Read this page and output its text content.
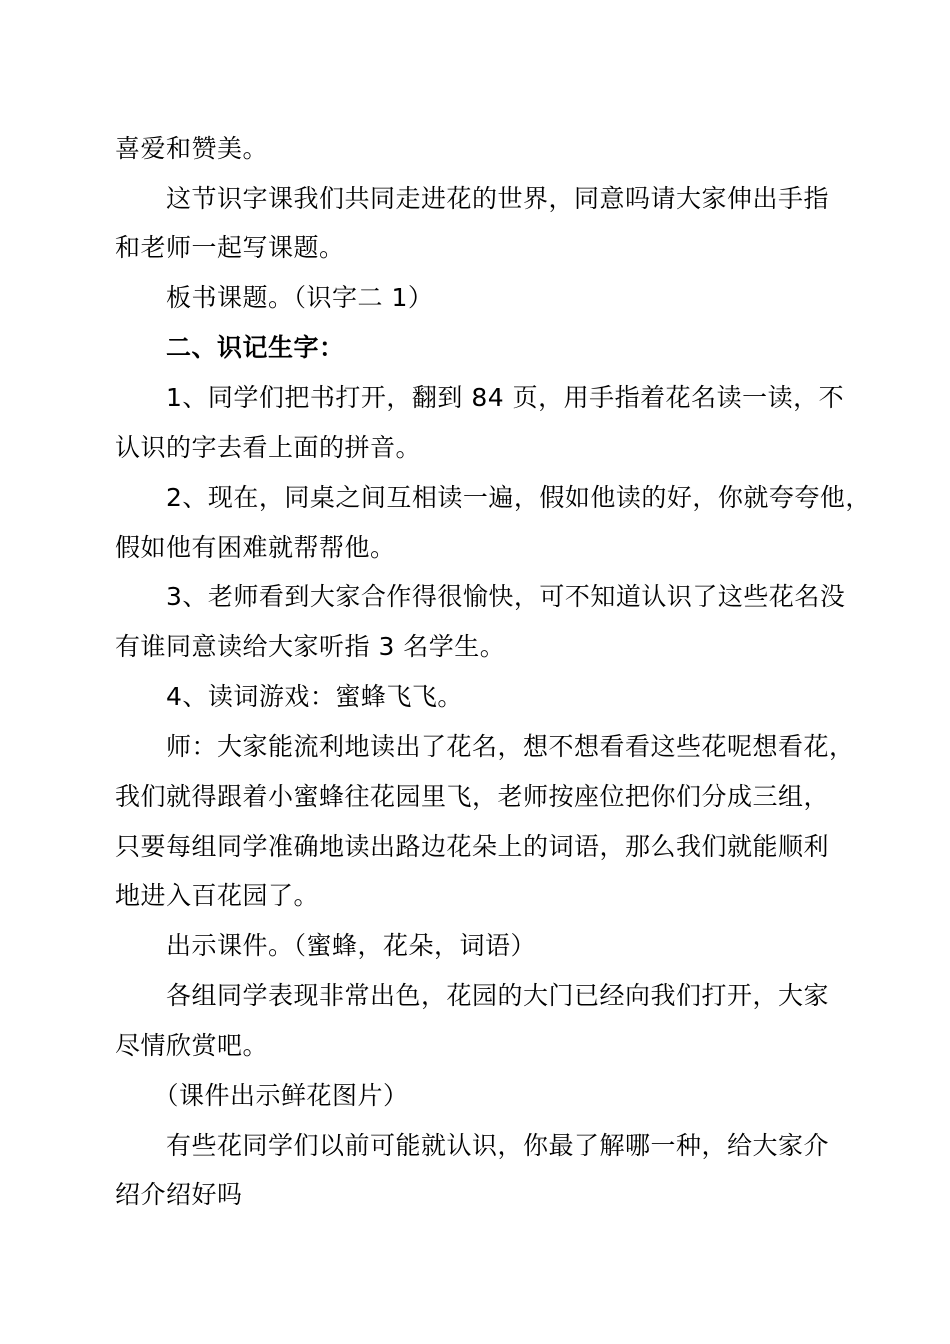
喜爱和赞美。
　　这节识字课我们共同走进花的世界，同意吗请大家伸出手指
和老师一起写课题。
　　板书课题。（识字二 1）
　　二、识记生字：
　　1、同学们把书打开，翻到 84 页，用手指着花名读一读，不
认识的字去看上面的拼音。
　　2、现在，同桌之间互相读一遍，假如他读的好，你就夸夸他，
假如他有困难就帮帮他。
　　3、老师看到大家合作得很愉快，可不知道认识了这些花名没
有谁同意读给大家听指 3 名学生。
　　4、读词游戏：蜜蜂飞飞。
　　师：大家能流利地读出了花名，想不想看看这些花呢想看花，
我们就得跟着小蜜蜂往花园里飞，老师按座位把你们分成三组，
只要每组同学准确地读出路边花朵上的词语，那么我们就能顺利
地进入百花园了。
　　出示课件。（蜜蜂，花朵，词语）
　　各组同学表现非常出色，花园的大门已经向我们打开，大家
尽情欣赏吧。
　　（课件出示鲜花图片）
　　有些花同学们以前可能就认识，你最了解哪一种，给大家介
绍介绍好吗
